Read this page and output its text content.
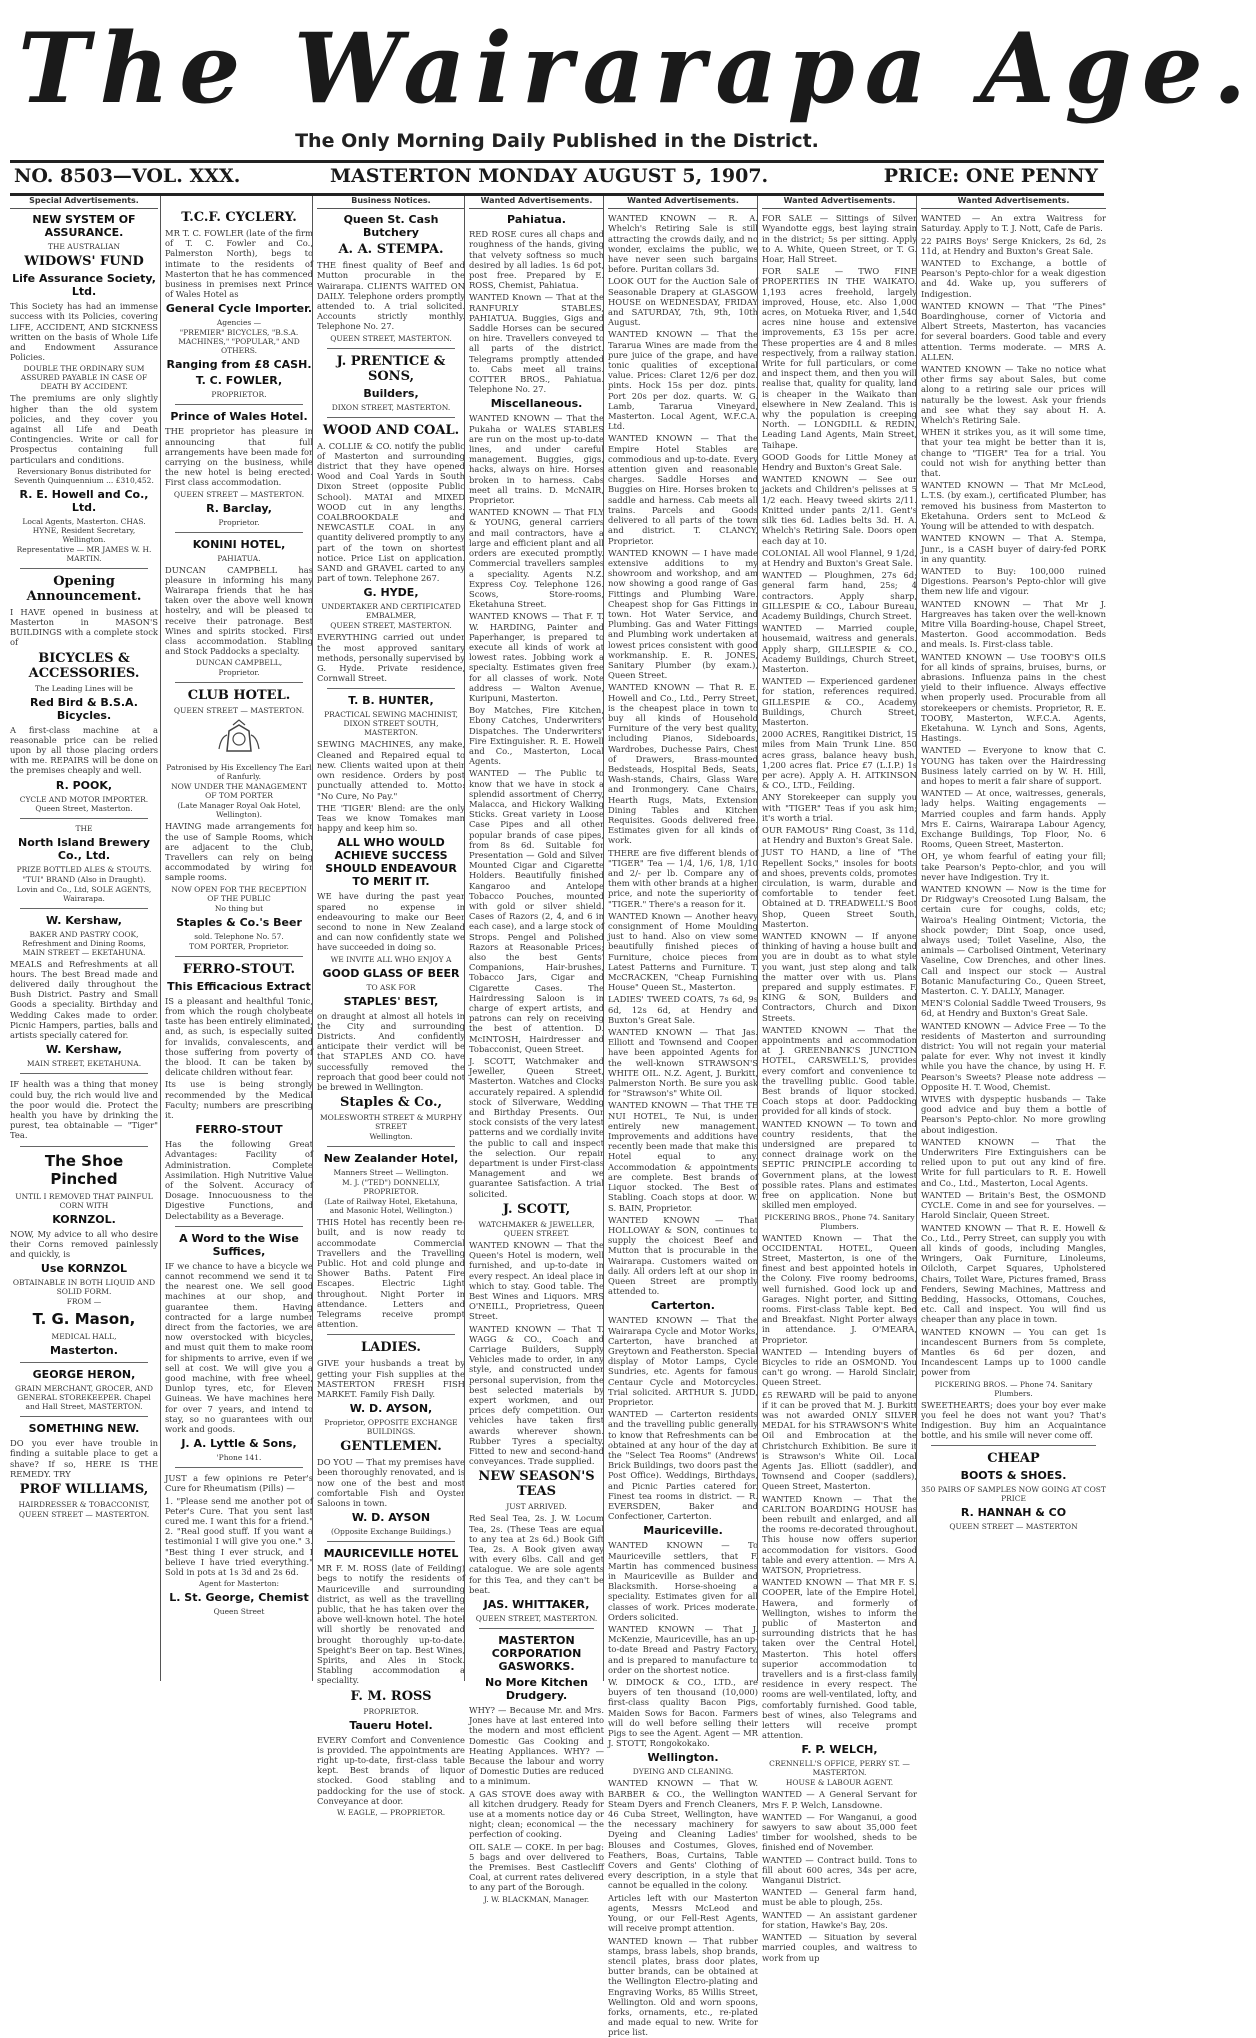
The Wairarapa Age.
The Only Morning Daily Published in the District.
NO. 8503—VOL. XXX.	MASTERTON MONDAY AUGUST 5, 1907.	PRICE: ONE PENNY
Special Advertisements.
NEW SYSTEM OF ASSURANCE.
THE AUSTRALIAN
WIDOWS' FUND
Life Assurance Society, Ltd.
This Society has had an immense success with its Policies, covering LIFE, ACCIDENT, AND SICKNESS written on the basis of Whole Life and Endowment Assurance Policies.
DOUBLE THE ORDINARY SUM ASSURED PAYABLE IN CASE OF DEATH BY ACCIDENT.
The premiums are only slightly higher than the old system policies, and they cover you against all Life and Death Contingencies. Write or call for Prospectus containing full particulars and conditions.
Reversionary Bonus distributed for Seventh Quinquennium ... £310,452.
R. E. Howell and Co., Ltd.
Local Agents, Masterton. CHAS. HYNE, Resident Secretary, Wellington.
Representative — MR JAMES W. H. MARTIN.
Opening Announcement.
I HAVE opened in business at Masterton in MASON'S BUILDINGS with a complete stock of
BICYCLES & ACCESSORIES.
The Leading Lines will be
Red Bird & B.S.A. Bicycles.
A first-class machine at a reasonable price can be relied upon by all those placing orders with me. REPAIRS will be done on the premises cheaply and well.
R. POOK,
CYCLE AND MOTOR IMPORTER. Queen Street, Masterton.
THE
North Island Brewery Co., Ltd.
PRIZE BOTTLED ALES & STOUTS.
"TUI" BRAND (Also in Draught).
Lovin and Co., Ltd, SOLE AGENTS, Wairarapa.
W. Kershaw,
BAKER AND PASTRY COOK, Refreshment and Dining Rooms, MAIN STREET — EKETAHUNA.
MEALS and Refreshments at all hours. The best Bread made and delivered daily throughout the Bush District. Pastry and Small Goods a speciality. Birthday and Wedding Cakes made to order. Picnic Hampers, parties, balls and artists specially catered for.
W. Kershaw,
MAIN STREET, EKETAHUNA.
IF health was a thing that money could buy, the rich would live and the poor would die. Protect the health you have by drinking the purest, tea obtainable — "Tiger" Tea.
The Shoe Pinched
UNTIL I REMOVED THAT PAINFUL CORN WITH
KORNZOL.
NOW, My advice to all who desire their Corns removed painlessly and quickly, is
Use KORNZOL
OBTAINABLE IN BOTH LIQUID AND SOLID FORM.
FROM —
T. G. Mason,
MEDICAL HALL,
Masterton.
GEORGE HERON,
GRAIN MERCHANT, GROCER, AND GENERAL STOREKEEPER. Chapel and Hall Street, MASTERTON.
SOMETHING NEW.
DO you ever have trouble in finding a suitable place to get a shave? If so, HERE IS THE REMEDY. TRY
PROF WILLIAMS,
HAIRDRESSER & TOBACCONIST,
QUEEN STREET — MASTERTON.
T.C.F. CYCLERY.
MR T. C. FOWLER (late of the firm of T. C. Fowler and Co., Palmerston North), begs to intimate to the residents of Masterton that he has commenced business in premises next Prince of Wales Hotel as
General Cycle Importer.
Agencies —
"PREMIER" BICYCLES, "B.S.A. MACHINES," "POPULAR," AND OTHERS.
Ranging from £8 CASH.
T. C. FOWLER,
PROPRIETOR.
Prince of Wales Hotel.
THE proprietor has pleasure in announcing that full arrangements have been made for carrying on the business, while the new hotel is being erected. First class accommodation.
QUEEN STREET — MASTERTON.
R. Barclay,
Proprietor.
KONINI HOTEL,
PAHIATUA.
DUNCAN CAMPBELL has pleasure in informing his many Wairarapa friends that he has taken over the above well known hostelry, and will be pleased to receive their patronage. Best Wines and spirits stocked. First class accommodation. Stabling and Stock Paddocks a specialty.
DUNCAN CAMPBELL,
Proprietor.
CLUB HOTEL.
QUEEN STREET — MASTERTON.
Patronised by His Excellency The Earl of Ranfurly.
NOW UNDER THE MANAGEMENT OF TOM PORTER
(Late Manager Royal Oak Hotel, Wellington).
HAVING made arrangements for the use of Sample Rooms, which are adjacent to the Club, Travellers can rely on being accommodated by wiring for sample rooms.
NOW OPEN FOR THE RECEPTION OF THE PUBLIC
No thing but
Staples & Co.'s Beer
sold. Telephone No. 57.
TOM PORTER, Proprietor.
FERRO-STOUT.
This Efficacious Extract
IS a pleasant and healthful Tonic, from which the rough cholybeate taste has been entirely eliminated, and, as such, is especially suited for invalids, convalescents, and those suffering from poverty of the blood. It can be taken by delicate children without fear.
Its use is being strongly recommended by the Medical Faculty; numbers are prescribing it.
FERRO-STOUT
Has the following Great Advantages: Facility of Administration. Complete Assimilation. High Nutritive Value of the Solvent. Accuracy of Dosage. Innocuousness to the Digestive Functions, and Delectability as a Beverage.
A Word to the Wise Suffices,
IF we chance to have a bicycle we cannot recommend we send it to the nearest one. We sell good machines at our shop, and guarantee them. Having contracted for a large number direct from the factories, we are now overstocked with bicycles, and must quit them to make room for shipments to arrive, even if we sell at cost. We will give you a good machine, with free wheel, Dunlop tyres, etc, for Eleven Guineas. We have machines here for over 7 years, and intend to stay, so no guarantees with our work and goods.
J. A. Lyttle & Sons,
'Phone 141.
JUST a few opinions re Peter's Cure for Rheumatism (Pills) —
1. "Please send me another pot of Peter's Cure. That you sent last cured me. I want this for a friend." 2. "Real good stuff. If you want a testimonial I will give you one." 3. "Best thing I ever struck, and I believe I have tried everything." Sold in pots at 1s 3d and 2s 6d.
Agent for Masterton:
L. St. George, Chemist
Queen Street
Business Notices.
Queen St. Cash Butchery
A. A. STEMPA.
THE finest quality of Beef and Mutton procurable in the Wairarapa. CLIENTS WAITED ON DAILY. Telephone orders promptly attended to. A trial solicited. Accounts strictly monthly. Telephone No. 27.
QUEEN STREET, MASTERTON.
J. PRENTICE & SONS,
Builders,
DIXON STREET, MASTERTON.
WOOD AND COAL.
A. COLLIE & CO. notify the public of Masterton and surrounding district that they have opened Wood and Coal Yards in South Dixon Street (opposite Public School). MATAI and MIXED WOOD cut in any lengths. COALBROOKDALE and NEWCASTLE COAL in any quantity delivered promptly to any part of the town on shortest notice. Price List on application. SAND and GRAVEL carted to any part of town. Telephone 267.
G. HYDE,
UNDERTAKER AND CERTIFICATED EMBALMER,
QUEEN STREET, MASTERTON.
EVERYTHING carried out under the most approved sanitary methods, personally supervised by G. Hyde. Private residence, Cornwall Street.
T. B. HUNTER,
PRACTICAL SEWING MACHINIST, DIXON STREET SOUTH, MASTERTON.
SEWING MACHINES, any make, Cleaned and Repaired equal to new. Clients waited upon at their own residence. Orders by post punctually attended to. Motto: "No Cure, No Pay."
THE 'TIGER' Blend: are the only Teas we know Tomakes man happy and keep him so.
ALL WHO WOULD ACHIEVE SUCCESS SHOULD ENDEAVOUR TO MERIT IT.
WE have during the past year spared no expense in endeavouring to make our Beer second to none in New Zealand and can now confidently state we have succeeded in doing so.
WE INVITE ALL WHO ENJOY A
GOOD GLASS OF BEER
TO ASK FOR
STAPLES' BEST,
on draught at almost all hotels in the City and surrounding Districts. And confidently anticipate their verdict will be that STAPLES AND CO. have successfully removed the reproach that good beer could not be brewed in Wellington.
Staples & Co.,
MOLESWORTH STREET & MURPHY STREET
Wellington.
New Zealander Hotel,
Manners Street — Wellington.
M. J. ("TED") DONNELLY, PROPRIETOR.
(Late of Railway Hotel, Eketahuna, and Masonic Hotel, Wellington.)
THIS Hotel has recently been re-built, and is now ready to accommodate Commercial Travellers and the Travelling Public. Hot and cold plunge and Shower Baths. Patent Fire Escapes. Electric Light throughout. Night Porter in attendance. Letters and Telegrams receive prompt attention.
LADIES.
GIVE your husbands a treat by getting your Fish supplies at the MASTERTON FRESH FISH MARKET. Family Fish Daily.
W. D. AYSON,
Proprietor, OPPOSITE EXCHANGE BUILDINGS.
GENTLEMEN.
DO YOU — That my premises have been thoroughly renovated, and is now one of the best and most comfortable Fish and Oyster Saloons in town.
W. D. AYSON
(Opposite Exchange Buildings.)
MAURICEVILLE HOTEL
MR F. M. ROSS (late of Feilding) begs to notify the residents of Mauriceville and surrounding district, as well as the travelling public, that he has taken over the above well-known hotel. The hotel will shortly be renovated and brought thoroughly up-to-date. Speight's Beer on tap. Best Wines, Spirits, and Ales in Stock. Stabling accommodation a speciality.
F. M. ROSS
PROPRIETOR.
Taueru Hotel.
EVERY Comfort and Convenience is provided. The appointments are right up-to-date, first-class table kept. Best brands of liquor stocked. Good stabling and paddocking for the use of stock. Conveyance at door.
W. EAGLE, — PROPRIETOR.
Wanted Advertisements.
Pahiatua.
RED ROSE cures all chaps and roughness of the hands, giving that velvety softness so much desired by all ladies. 1s 6d pot, post free. Prepared by E. ROSS, Chemist, Pahiatua.
WANTED Known — That at the RANFURLY STABLES, PAHIATUA. Buggies, Gigs and Saddle Horses can be secured on hire. Travellers conveyed to all parts of the district. Telegrams promptly attended to. Cabs meet all trains. COTTER BROS., Pahiatua. Telephone No. 27.
Miscellaneous.
WANTED KNOWN — That the Pukaha or WALES STABLES are run on the most up-to-date lines, and under careful management. Buggies, gigs, hacks, always on hire. Horses broken in to harness. Cabs meet all trains. D. McNAIR, Proprietor.
WANTED KNOWN — That FLY & YOUNG, general carriers and mail contractors, have a large and efficient plant and all orders are executed promptly. Commercial travellers samples a speciality. Agents N.Z. Express Coy. Telephone 126. Scows, Store-rooms, Eketahuna Street.
WANTED KNOWS — That F. T. W. HARDING, Painter and Paperhanger, is prepared to execute all kinds of work at lowest rates. Jobbing work a specialty. Estimates given free for all classes of work. Note address — Walton Avenue, Kuripuni, Masterton.
Boy Matches, Fire Kitchen, Ebony Catches, Underwriters' Dispatches. The Underwriters' Fire Extinguisher. R. E. Howell and Co., Masterton, Local Agents.
WANTED — The Public to know that we have in stock a splendid assortment of Cherry, Malacca, and Hickory Walking Sticks. Great variety in Loose Case Pipes and all other popular brands of case pipes, from 8s 6d. Suitable for Presentation — Gold and Silver Mounted Cigar and Cigarette Holders. Beautifully finished Kangaroo and Antelope Tobacco Pouches, mounted with gold or silver shield. Cases of Razors (2, 4, and 6 in each case), and a large stock of Strops. Pengel and Polished Razors at Reasonable Prices; also the best Gents' Companions, Hair-brushes, Tobacco Jars, Cigar and Cigarette Cases. The Hairdressing Saloon is in charge of expert artists, and patrons can rely on receiving the best of attention. D. McINTOSH, Hairdresser and Tobacconist, Queen Street.
J. SCOTT, Watchmaker and Jeweller, Queen Street, Masterton. Watches and Clocks accurately repaired. A splendid stock of Silverware, Wedding and Birthday Presents. Our stock consists of the very latest patterns and we cordially invite the public to call and inspect the selection. Our repair department is under First-class Management and we guarantee Satisfaction. A trial solicited.
J. SCOTT,
WATCHMAKER & JEWELLER, QUEEN STREET.
WANTED KNOWN — That the Queen's Hotel is modern, well furnished, and up-to-date in every respect. An ideal place in which to stay. Good table. The Best Wines and Liquors. MRS O'NEILL, Proprietress, Queen Street.
WANTED KNOWN — That T. WAGG & CO., Coach and Carriage Builders, Supply Vehicles made to order, in any style, and constructed under personal supervision, from the best selected materials by expert workmen, and our prices defy competition. Our vehicles have taken first awards wherever shown. Rubber Tyres a specialty. Fitted to new and second-hand conveyances. Trade supplied.
NEW SEASON'S TEAS
JUST ARRIVED.
Red Seal Tea, 2s. J. W. Locum Tea, 2s. (These Teas are equal to any tea at 2s 6d.) Book Gift Tea, 2s. A Book given away with every 6lbs. Call and get catalogue. We are sole agents for this Tea, and they can't be beat.
JAS. WHITTAKER,
QUEEN STREET, MASTERTON.
MASTERTON CORPORATION GASWORKS.
No More Kitchen Drudgery.
WHY? — Because Mr. and Mrs. Jones have at last entered into the modern and most efficient Domestic Gas Cooking and Heating Appliances. WHY? — Because the labour and worry of Domestic Duties are reduced to a minimum.
A GAS STOVE does away with all kitchen drudgery. Ready for use at a moments notice day or night; clean; economical — the perfection of cooking.
OIL SALE — COKE. In per bag: 5 bags and over delivered to the Premises. Best Castlecliff Coal, at current rates delivered to any part of the Borough.
J. W. BLACKMAN, Manager.
Wanted Advertisements.
WANTED KNOWN — R. A. Whelch's Retiring Sale is still attracting the crowds daily, and no wonder, exclaims the public, we have never seen such bargains before. Puritan collars 3d.
LOOK OUT for the Auction Sale of Seasonable Drapery at GLASGOW HOUSE on WEDNESDAY, FRIDAY and SATURDAY, 7th, 9th, 10th August.
WANTED KNOWN — That the Tararua Wines are made from the pure juice of the grape, and have tonic qualities of exceptional value. Prices: Claret 12/6 per doz. pints. Hock 15s per doz. pints. Port 20s per doz. quarts. W. G. Lamb, Tararua Vineyard, Masterton. Local Agent, W.F.C.A. Ltd.
WANTED KNOWN — That the Empire Hotel Stables are commodious and up-to-date. Every attention given and reasonable charges. Saddle Horses and Buggies on Hire. Horses broken to saddle and harness. Cab meets all trains. Parcels and Goods delivered to all parts of the town and district. T. CLANCY, Proprietor.
WANTED KNOWN — I have made extensive additions to my showroom and workshop, and am now showing a good range of Gas Fittings and Plumbing Ware. Cheapest shop for Gas Fittings in town. Hot Water Service, and Plumbing. Gas and Water Fittings and Plumbing work undertaken at lowest prices consistent with good workmanship. E. R. JONES, Sanitary Plumber (by exam.), Queen Street.
WANTED KNOWN — That R. E. Howell and Co., Ltd., Perry Street, is the cheapest place in town to buy all kinds of Household Furniture of the very best quality, including Pianos, Sideboards, Wardrobes, Duchesse Pairs, Chest of Drawers, Brass-mounted Bedsteads, Hospital Beds, Seats, Wash-stands, Chairs, Glass Ware and Ironmongery. Cane Chairs, Hearth Rugs, Mats, Extension Dining Tables and Kitchen Requisites. Goods delivered free. Estimates given for all kinds of work.
THERE are five different blends of "TIGER" Tea — 1/4, 1/6, 1/8, 1/10 and 2/- per lb. Compare any of them with other brands at a higher price, and note the superiority of "TIGER." There's a reason for it.
WANTED Known — Another heavy consignment of Home Moulding just to hand. Also on view some beautifully finished pieces of Furniture, choice pieces from Latest Patterns and Furniture. T. McCRACKEN, "Cheap Furnishing House" Queen St., Masterton.
LADIES' TWEED COATS, 7s 6d, 9s 6d, 12s 6d, at Hendry and Buxton's Great Sale.
WANTED KNOWN — That Jas. Elliott and Townsend and Cooper have been appointed Agents for the well-known STRAWSON'S WHITE OIL. N.Z. Agent, J. Burkitt, Palmerston North. Be sure you ask for "Strawson's" White Oil.
WANTED KNOWN — That THE TE NUI HOTEL, Te Nui, is under entirely new management. Improvements and additions have recently been made that make this Hotel equal to any. Accommodation & appointments are complete. Best brands of Liquor stocked. The Best of Stabling. Coach stops at door. W. S. BAIN, Proprietor.
WANTED KNOWN — That HOLLOWAY & SON, continues to supply the choicest Beef and Mutton that is procurable in the Wairarapa. Customers waited on daily. All orders left at our shop in Queen Street are promptly attended to.
Carterton.
WANTED KNOWN — That the Wairarapa Cycle and Motor Works, Carterton, have branched at Greytown and Featherston. Special display of Motor Lamps, Cycle Sundries, etc. Agents for famous Centaur Cycle and Motorcycles. Trial solicited. ARTHUR S. JUDD, Proprietor.
WANTED — Carterton residents and the travelling public generally to know that Refreshments can be obtained at any hour of the day at the "Select Tea Rooms" (Andrews' Brick Buildings, two doors past the Post Office). Weddings, Birthdays, and Picnic Parties catered for. Finest tea rooms in district. — R. EVERSDEN, Baker and Confectioner, Carterton.
Mauriceville.
WANTED KNOWN — To Mauriceville settlers, that F. Martin has commenced business in Mauriceville as Builder and Blacksmith. Horse-shoeing a speciality. Estimates given for all classes of work. Prices moderate. Orders solicited.
WANTED KNOWN — That J. McKenzie, Mauriceville, has an up-to-date Bread and Pastry Factory, and is prepared to manufacture to order on the shortest notice.
W. DIMOCK & CO., LTD., are buyers of ten thousand (10,000) first-class quality Bacon Pigs, Maiden Sows for Bacon. Farmers will do well before selling their Pigs to see the Agent. Agent — MR J. STOTT, Rongokokako.
Wellington.
DYEING AND CLEANING.
WANTED KNOWN — That W. BARBER & CO., the Wellington Steam Dyers and French Cleaners, 46 Cuba Street, Wellington, have the necessary machinery for Dyeing and Cleaning Ladies' Blouses and Costumes, Gloves, Feathers, Boas, Curtains, Table Covers and Gents' Clothing of every description, in a style that cannot be equalled in the colony.
Articles left with our Masterton agents, Messrs McLeod and Young, or our Fell-Rest Agents, will receive prompt attention.
WANTED known — That rubber stamps, brass labels, shop brands, stencil plates, brass door plates, butter brands, can be obtained at the Wellington Electro-plating and Engraving Works, 85 Willis Street, Wellington. Old and worn spoons, forks, ornaments, etc., re-plated and made equal to new. Write for price list.
Wanted Advertisements.
FOR SALE — Sittings of Silver Wyandotte eggs, best laying strain in the district; 5s per sitting. Apply to A. White, Queen Street, or T. G. Hoar, Hall Street.
FOR SALE — TWO FINE PROPERTIES IN THE WAIKATO. 1,193 acres freehold, largely improved, House, etc. Also 1,000 acres, on Motueka River, and 1,540 acres nine house and extensive improvements, £3 15s per acre. These properties are 4 and 8 miles respectively, from a railway station. Write for full particulars, or come and inspect them, and then you will realise that, quality for quality, land is cheaper in the Waikato than elsewhere in New Zealand. This is why the population is creeping North. — LONGDILL & REDIN, Leading Land Agents, Main Street, Taihape.
GOOD Goods for Little Money at Hendry and Buxton's Great Sale.
WANTED KNOWN — See our jackets and Children's pelisses at 5 1/2 each. Heavy tweed skirts 2/11. Knitted under pants 2/11. Gent's silk ties 6d. Ladies belts 3d. H. A. Whelch's Retiring Sale. Doors open each day at 10.
COLONIAL All wool Flannel, 9 1/2d, at Hendry and Buxton's Great Sale.
WANTED — Ploughmen, 27s 6d; general farm hand, 25s; 4 contractors. Apply sharp, GILLESPIE & CO., Labour Bureau, Academy Buildings, Church Street.
WANTED — Married couple, housemaid, waitress and generals. Apply sharp, GILLESPIE & CO., Academy Buildings, Church Street, Masterton.
WANTED — Experienced gardener for station, references required. GILLESPIE & CO., Academy Buildings, Church Street, Masterton.
2000 ACRES, Rangitikei District, 15 miles from Main Trunk Line. 850 acres grass, balance heavy bush, 1,200 acres flat. Price £7 (L.I.P.) 1s per acre). Apply A. H. AITKINSON & CO., LTD., Feilding.
ANY Storekeeper can supply you with "TIGER" Teas if you ask him; it's worth a trial.
OUR FAMOUS" Ring Coast, 3s 11d, at Hendry and Buxton's Great Sale.
JUST TO HAND, a line of "The Repellent Socks," insoles for boots and shoes, prevents colds, promotes circulation, is warm, durable and comfortable to tender feet. Obtained at D. TREADWELL'S Boot Shop, Queen Street South, Masterton.
WANTED KNOWN — If anyone thinking of having a house built and you are in doubt as to what style you want, just step along and talk the matter over with us. Plans prepared and supply estimates. F. KING & SON, Builders and Contractors, Church and Dixon Streets.
WANTED KNOWN — That the appointments and accommodation at J. GREENBANK'S JUNCTION HOTEL, CARSWELL'S, provides every comfort and convenience to the travelling public. Good table. Best brands of liquor stocked. Coach stops at door. Paddocking provided for all kinds of stock.
WANTED KNOWN — To town and country residents, that the undersigned are prepared to connect drainage work on the SEPTIC PRINCIPLE according to Government plans, at the lowest possible rates. Plans and estimates free on application. None but skilled men employed.
PICKERING BROS., Phone 74. Sanitary Plumbers.
WANTED Known — That the OCCIDENTAL HOTEL, Queen Street, Masterton, is one of the finest and best appointed hotels in the Colony. Five roomy bedrooms, well furnished. Good lock up and Garages. Night porter, and Sitting rooms. First-class Table kept. Bed and Breakfast. Night Porter always in attendance. J. O'MEARA, Proprietor.
WANTED — Intending buyers of Bicycles to ride an OSMOND. You can't go wrong. — Harold Sinclair, Queen Street.
£5 REWARD will be paid to anyone if it can be proved that M. J. Burkitt was not awarded ONLY SILVER MEDAL for his STRAWSON'S White Oil and Embrocation at the Christchurch Exhibition. Be sure it is Strawson's White Oil. Local Agents Jas. Elliott (saddler), and Townsend and Cooper (saddlers), Queen Street, Masterton.
WANTED Known — That the CARLTON BOARDING HOUSE has been rebuilt and enlarged, and all the rooms re-decorated throughout. This house now offers superior accommodation for visitors. Good table and every attention. — Mrs A. WATSON, Proprietress.
WANTED KNOWN — That MR F. S. COOPER, late of the Empire Hotel, Hawera, and formerly of Wellington, wishes to inform the public of Masterton and surrounding districts that he has taken over the Central Hotel, Masterton. This hotel offers superior accommodation to travellers and is a first-class family residence in every respect. The rooms are well-ventilated, lofty, and comfortably furnished. Good table, best of wines, also Telegrams and letters will receive prompt attention.
F. P. WELCH,
CRENNELL'S OFFICE, PERRY ST. — MASTERTON.
HOUSE & LABOUR AGENT.
WANTED — A General Servant for Mrs F. P. Welch, Lansdowne.
WANTED — For Wanganui, a good sawyers to saw about 35,000 feet timber for woolshed, sheds to be finished end of November.
WANTED — Contract build. Tons to fill about 600 acres, 34s per acre, Wanganui District.
WANTED — General farm hand, must be able to plough, 25s.
WANTED — An assistant gardener for station, Hawke's Bay, 20s.
WANTED — Situation by several married couples, and waitress to work from up
Wanted Advertisements.
WANTED — An extra Waitress for Saturday. Apply to T. J. Nott, Cafe de Paris.
22 PAIRS Boys' Serge Knickers, 2s 6d, 2s 11d, at Hendry and Buxton's Great Sale.
WANTED to Exchange, a bottle of Pearson's Pepto-chlor for a weak digestion and 4d. Wake up, you sufferers of Indigestion.
WANTED KNOWN — That "The Pines" Boardinghouse, corner of Victoria and Albert Streets, Masterton, has vacancies for several boarders. Good table and every attention. Terms moderate. — MRS A. ALLEN.
WANTED KNOWN — Take no notice what other firms say about Sales, but come along to a retiring sale our prices will naturally be the lowest. Ask your friends and see what they say about H. A. Whelch's Retiring Sale.
WHEN it strikes you, as it will some time, that your tea might be better than it is, change to "TIGER" Tea for a trial. You could not wish for anything better than that.
WANTED KNOWN — That Mr McLeod, L.T.S. (by exam.), certificated Plumber, has removed his business from Masterton to Eketahuna. Orders sent to McLeod & Young will be attended to with despatch.
WANTED KNOWN — That A. Stempa, Junr., is a CASH buyer of dairy-fed PORK in any quantity.
WANTED to Buy: 100,000 ruined Digestions. Pearson's Pepto-chlor will give them new life and vigour.
WANTED KNOWN — That Mr J. Hargreaves has taken over the well-known Mitre Villa Boarding-house, Chapel Street, Masterton. Good accommodation. Beds and meals. Is. First-class table.
WANTED KNOWN — Use TOOBY'S OILS for all kinds of sprains, bruises, burns, or abrasions. Influenza pains in the chest yield to their influence. Always effective when properly used. Procurable from all storekeepers or chemists. Proprietor, R. E. TOOBY, Masterton, W.F.C.A. Agents, Eketahuna. W. Lynch and Sons, Agents, Hastings.
WANTED — Everyone to know that C. YOUNG has taken over the Hairdressing Business lately carried on by W. H. Hill, and hopes to merit a fair share of support.
WANTED — At once, waitresses, generals, lady helps. Waiting engagements — Married couples and farm hands. Apply Mrs E. Cairns, Wairarapa Labour Agency, Exchange Buildings, Top Floor, No. 6 Rooms, Queen Street, Masterton.
OH, ye whom fearful of eating your fill; take Pearson's Pepto-chlor, and you will never have Indigestion. Try it.
WANTED KNOWN — Now is the time for Dr Ridgway's Creosoted Lung Balsam, the certain cure for coughs, colds, etc; Wairoa's Healing Ointment; Victoria, the shock powder; Dint Soap, once used, always used; Toilet Vaseline, Also, the animals — Carbolised Ointment, Veterinary Vaseline, Cow Drenches, and other lines. Call and inspect our stock — Austral Botanic Manufacturing Co., Queen Street, Masterton. C. Y. DALLY, Manager.
MEN'S Colonial Saddle Tweed Trousers, 9s 6d, at Hendry and Buxton's Great Sale.
WANTED KNOWN — Advice Free — To the residents of Masterton and surrounding district: You will not regain your material palate for ever. Why not invest it kindly while you have the chance, by using H. F. Pearson's Sweets? Please note address — Opposite H. T. Wood, Chemist.
WIVES with dyspeptic husbands — Take good advice and buy them a bottle of Pearson's Pepto-chlor. No more growling about indigestion.
WANTED KNOWN — That the Underwriters Fire Extinguishers can be relied upon to put out any kind of fire. Write for full particulars to R. E. Howell and Co., Ltd., Masterton, Local Agents.
WANTED — Britain's Best, the OSMOND CYCLE. Come in and see for yourselves. — Harold Sinclair, Queen Street.
WANTED KNOWN — That R. E. Howell & Co., Ltd., Perry Street, can supply you with all kinds of goods, including Mangles, Wringers, Oak Furniture, Linoleums, Oilcloth, Carpet Squares, Upholstered Chairs, Toilet Ware, Pictures framed, Brass Fenders, Sewing Machines, Mattress and Bedding, Hassocks, Ottomans, Couches, etc. Call and inspect. You will find us cheaper than any place in town.
WANTED KNOWN — You can get 1s incandescent Burners from 5s complete, Mantles 6s 6d per dozen, and Incandescent Lamps up to 1000 candle power from
PICKERING BROS. — Phone 74. Sanitary Plumbers.
SWEETHEARTS; does your boy ever make you feel he does not want you? That's Indigestion. Buy him an Acquaintance bottle, and his smile will never come off.
CHEAP
BOOTS & SHOES.
350 PAIRS OF SAMPLES NOW GOING AT COST PRICE
R. HANNAH & CO
QUEEN STREET — MASTERTON
